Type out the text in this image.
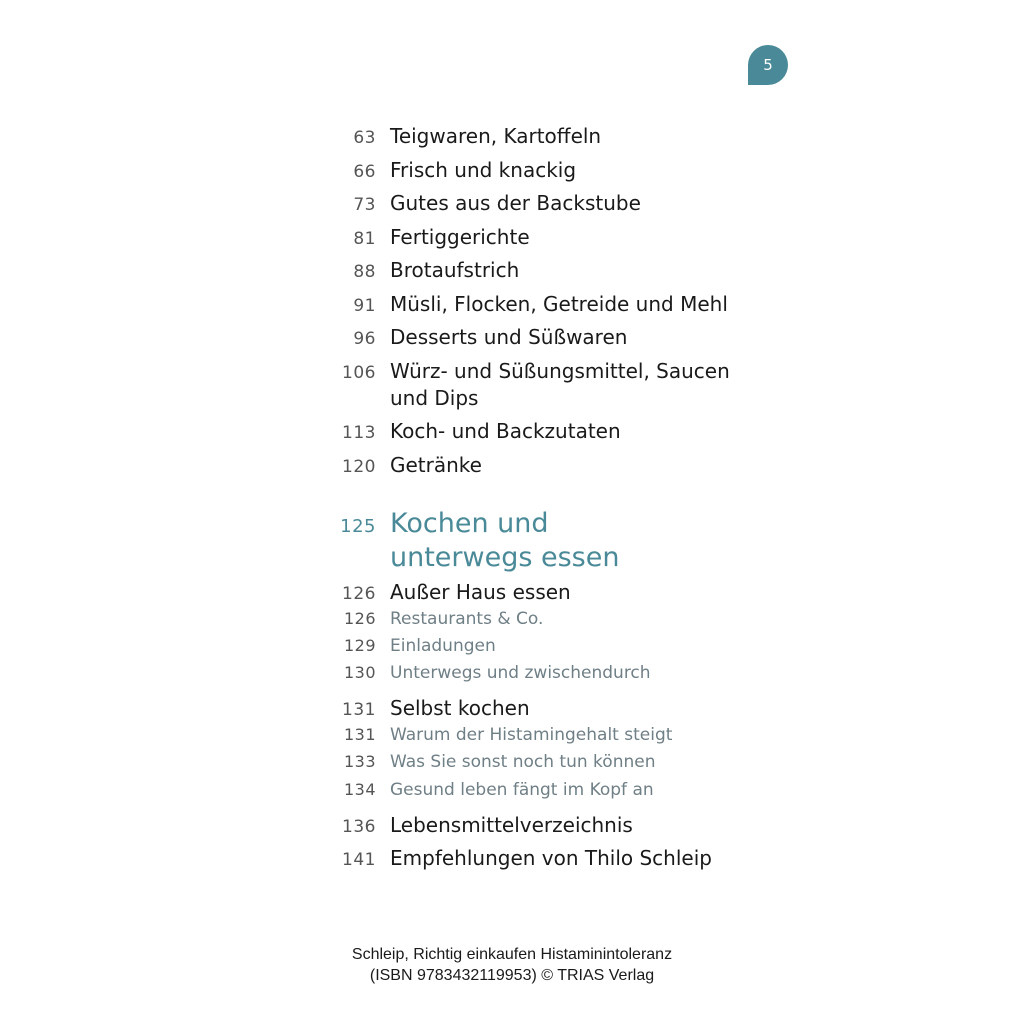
5
63 Teigwaren, Kartoffeln
66 Frisch und knackig
73 Gutes aus der Backstube
81 Fertiggerichte
88 Brotaufstrich
91 Müsli, Flocken, Getreide und Mehl
96 Desserts und Süßwaren
106 Würz- und Süßungsmittel, Saucen
und Dips
113 Koch- und Backzutaten
120 Getränke
125 Kochen und
unterwegs essen
126 Außer Haus essen
126 Restaurants & Co.
129 Einladungen
130 Unterwegs und zwischendurch
131 Selbst kochen
131 Warum der Histamingehalt steigt
133 Was Sie sonst noch tun können
134 Gesund leben fängt im Kopf an
136 Lebensmittelverzeichnis
141 Empfehlungen von Thilo Schleip
Schleip, Richtig einkaufen Histaminintoleranz
(ISBN 9783432119953) © TRIAS Verlag
